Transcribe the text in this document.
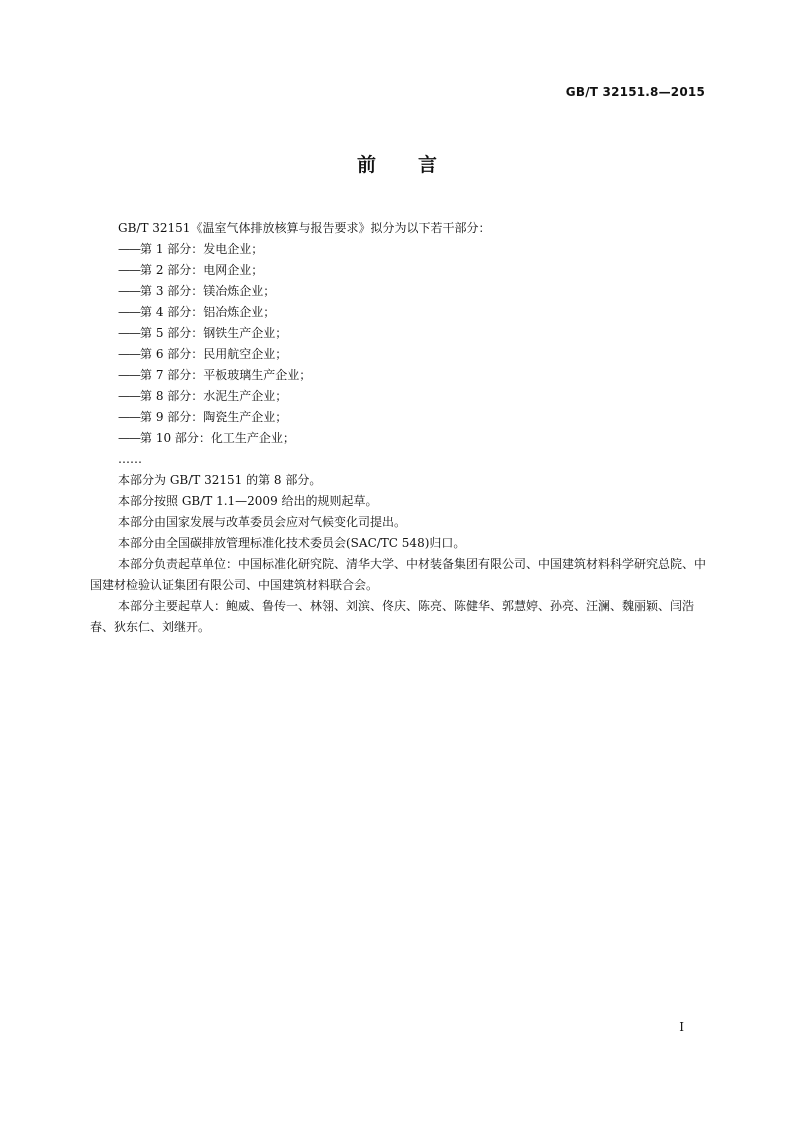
GB/T 32151.8—2015
前言

GB/T 32151《温室气体排放核算与报告要求》拟分为以下若干部分：

——第 1 部分：发电企业；
——第 2 部分：电网企业；
——第 3 部分：镁冶炼企业；
——第 4 部分：铝冶炼企业；
——第 5 部分：钢铁生产企业；
——第 6 部分：民用航空企业；
——第 7 部分：平板玻璃生产企业；
——第 8 部分：水泥生产企业；
——第 9 部分：陶瓷生产企业；
——第 10 部分：化工生产企业；
……

本部分为 GB/T 32151 的第 8 部分。

本部分按照 GB/T 1.1—2009 给出的规则起草。

本部分由国家发展与改革委员会应对气候变化司提出。

本部分由全国碳排放管理标准化技术委员会(SAC/TC 548)归口。

本部分负责起草单位：中国标准化研究院、清华大学、中材装备集团有限公司、中国建筑材料科学研究总院、中国建材检验认证集团有限公司、中国建筑材料联合会。

本部分主要起草人：鲍威、鲁传一、林翎、刘滨、佟庆、陈亮、陈健华、郭慧婷、孙亮、汪澜、魏丽颖、闫浩春、狄东仁、刘继开。

I
